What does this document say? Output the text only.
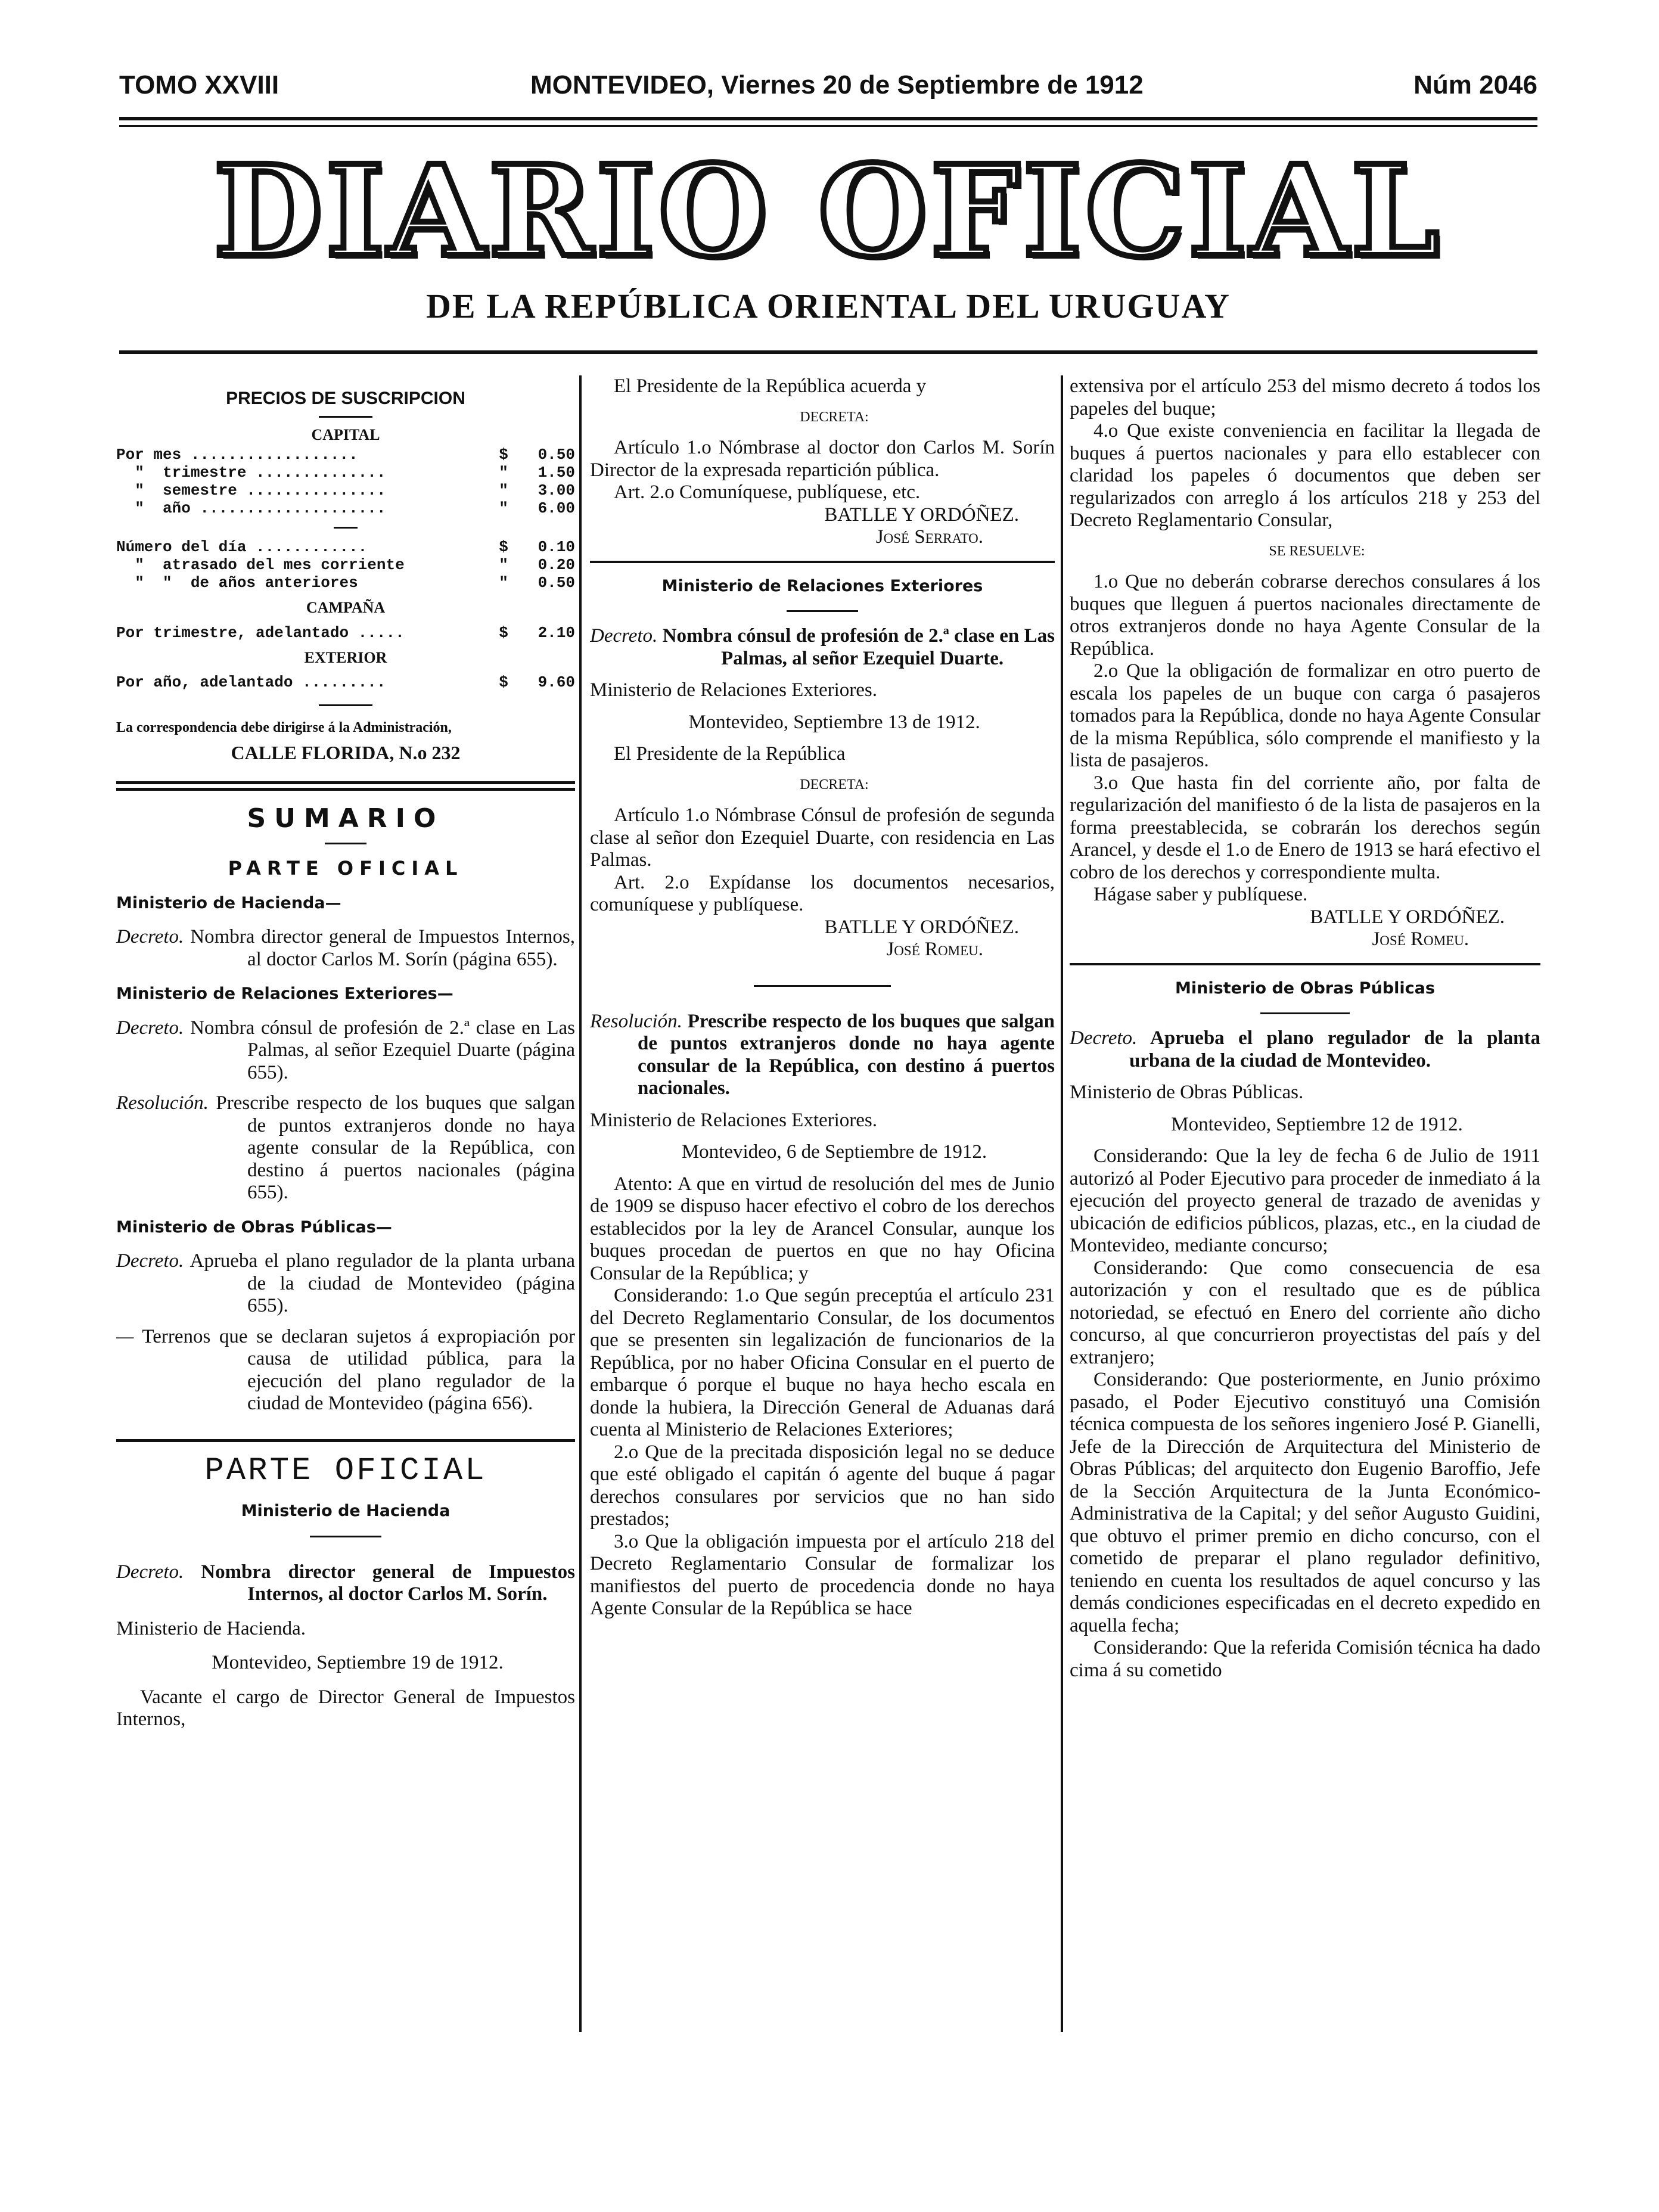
TOMO XXVIII	MONTEVIDEO, Viernes 20 de Septiembre de 1912	Núm 2046
DIARIO OFICIAL
DE LA REPÚBLICA ORIENTAL DEL URUGUAY
PRECIOS DE SUSCRIPCION
CAPITAL
Por mes ..................	$	0.50
"  trimestre ..............	"	1.50
"  semestre ...............	"	3.00
"  año ....................	"	6.00
Número del día ............	$	0.10
"  atrasado del mes corriente	"	0.20
"  "  de años anteriores	"	0.50
CAMPAÑA
Por trimestre, adelantado .....	$	2.10
EXTERIOR
Por año, adelantado .........	$	9.60
La correspondencia debe dirigirse á la Administración,
CALLE FLORIDA, N.o 232
SUMARIO
PARTE OFICIAL
Ministerio de Hacienda—
Decreto. Nombra director general de Impuestos Internos, al doctor Carlos M. Sorín (página 655).
Ministerio de Relaciones Exteriores—
Decreto. Nombra cónsul de profesión de 2.ª clase en Las Palmas, al señor Ezequiel Duarte (página 655).
Resolución. Prescribe respecto de los buques que salgan de puntos extranjeros donde no haya agente consular de la República, con destino á puertos nacionales (página 655).
Ministerio de Obras Públicas—
Decreto. Aprueba el plano regulador de la planta urbana de la ciudad de Montevideo (página 655).
— Terrenos que se declaran sujetos á expropiación por causa de utilidad pública, para la ejecución del plano regulador de la ciudad de Montevideo (página 656).
PARTE OFICIAL
Ministerio de Hacienda
Decreto. Nombra director general de Impuestos Internos, al doctor Carlos M. Sorín.

Ministerio de Hacienda.

Montevideo, Septiembre 19 de 1912.

Vacante el cargo de Director General de Impuestos Internos,

El Presidente de la República acuerda y

DECRETA:

Artículo 1.o Nómbrase al doctor don Carlos M. Sorín Director de la expresada repartición pública.

Art. 2.o Comuníquese, publíquese, etc.

BATLLE Y ORDÓÑEZ.

José Serrato.

Ministerio de Relaciones Exteriores
Decreto. Nombra cónsul de profesión de 2.ª clase en Las Palmas, al señor Ezequiel Duarte.

Ministerio de Relaciones Exteriores.

Montevideo, Septiembre 13 de 1912.

El Presidente de la República

DECRETA:

Artículo 1.o Nómbrase Cónsul de profesión de segunda clase al señor don Ezequiel Duarte, con residencia en Las Palmas.

Art. 2.o Expídanse los documentos necesarios, comuníquese y publíquese.

BATLLE Y ORDÓÑEZ.

José Romeu.

Resolución. Prescribe respecto de los buques que salgan de puntos extranjeros donde no haya agente consular de la República, con destino á puertos nacionales.

Ministerio de Relaciones Exteriores.

Montevideo, 6 de Septiembre de 1912.

Atento: A que en virtud de resolución del mes de Junio de 1909 se dispuso hacer efectivo el cobro de los derechos establecidos por la ley de Arancel Consular, aunque los buques procedan de puertos en que no hay Oficina Consular de la República; y

Considerando: 1.o Que según preceptúa el artículo 231 del Decreto Reglamentario Consular, de los documentos que se presenten sin legalización de funcionarios de la República, por no haber Oficina Consular en el puerto de embarque ó porque el buque no haya hecho escala en donde la hubiera, la Dirección General de Aduanas dará cuenta al Ministerio de Relaciones Exteriores;

2.o Que de la precitada disposición legal no se deduce que esté obligado el capitán ó agente del buque á pagar derechos consulares por servicios que no han sido prestados;

3.o Que la obligación impuesta por el artículo 218 del Decreto Reglamentario Consular de formalizar los manifiestos del puerto de procedencia donde no haya Agente Consular de la República se hace

extensiva por el artículo 253 del mismo decreto á todos los papeles del buque;

4.o Que existe conveniencia en facilitar la llegada de buques á puertos nacionales y para ello establecer con claridad los papeles ó documentos que deben ser regularizados con arreglo á los artículos 218 y 253 del Decreto Reglamentario Consular,

SE RESUELVE:

1.o Que no deberán cobrarse derechos consulares á los buques que lleguen á puertos nacionales directamente de otros extranjeros donde no haya Agente Consular de la República.

2.o Que la obligación de formalizar en otro puerto de escala los papeles de un buque con carga ó pasajeros tomados para la República, donde no haya Agente Consular de la misma República, sólo comprende el manifiesto y la lista de pasajeros.

3.o Que hasta fin del corriente año, por falta de regularización del manifiesto ó de la lista de pasajeros en la forma preestablecida, se cobrarán los derechos según Arancel, y desde el 1.o de Enero de 1913 se hará efectivo el cobro de los derechos y correspondiente multa.

Hágase saber y publíquese.

BATLLE Y ORDÓÑEZ.

José Romeu.

Ministerio de Obras Públicas
Decreto. Aprueba el plano regulador de la planta urbana de la ciudad de Montevideo.

Ministerio de Obras Públicas.

Montevideo, Septiembre 12 de 1912.

Considerando: Que la ley de fecha 6 de Julio de 1911 autorizó al Poder Ejecutivo para proceder de inmediato á la ejecución del proyecto general de trazado de avenidas y ubicación de edificios públicos, plazas, etc., en la ciudad de Montevideo, mediante concurso;

Considerando: Que como consecuencia de esa autorización y con el resultado que es de pública notoriedad, se efectuó en Enero del corriente año dicho concurso, al que concurrieron proyectistas del país y del extranjero;

Considerando: Que posteriormente, en Junio próximo pasado, el Poder Ejecutivo constituyó una Comisión técnica compuesta de los señores ingeniero José P. Gianelli, Jefe de la Dirección de Arquitectura del Ministerio de Obras Públicas; del arquitecto don Eugenio Baroffio, Jefe de la Sección Arquitectura de la Junta Económico-Administrativa de la Capital; y del señor Augusto Guidini, que obtuvo el primer premio en dicho concurso, con el cometido de preparar el plano regulador definitivo, teniendo en cuenta los resultados de aquel concurso y las demás condiciones especificadas en el decreto expedido en aquella fecha;

Considerando: Que la referida Comisión técnica ha dado cima á su cometido
